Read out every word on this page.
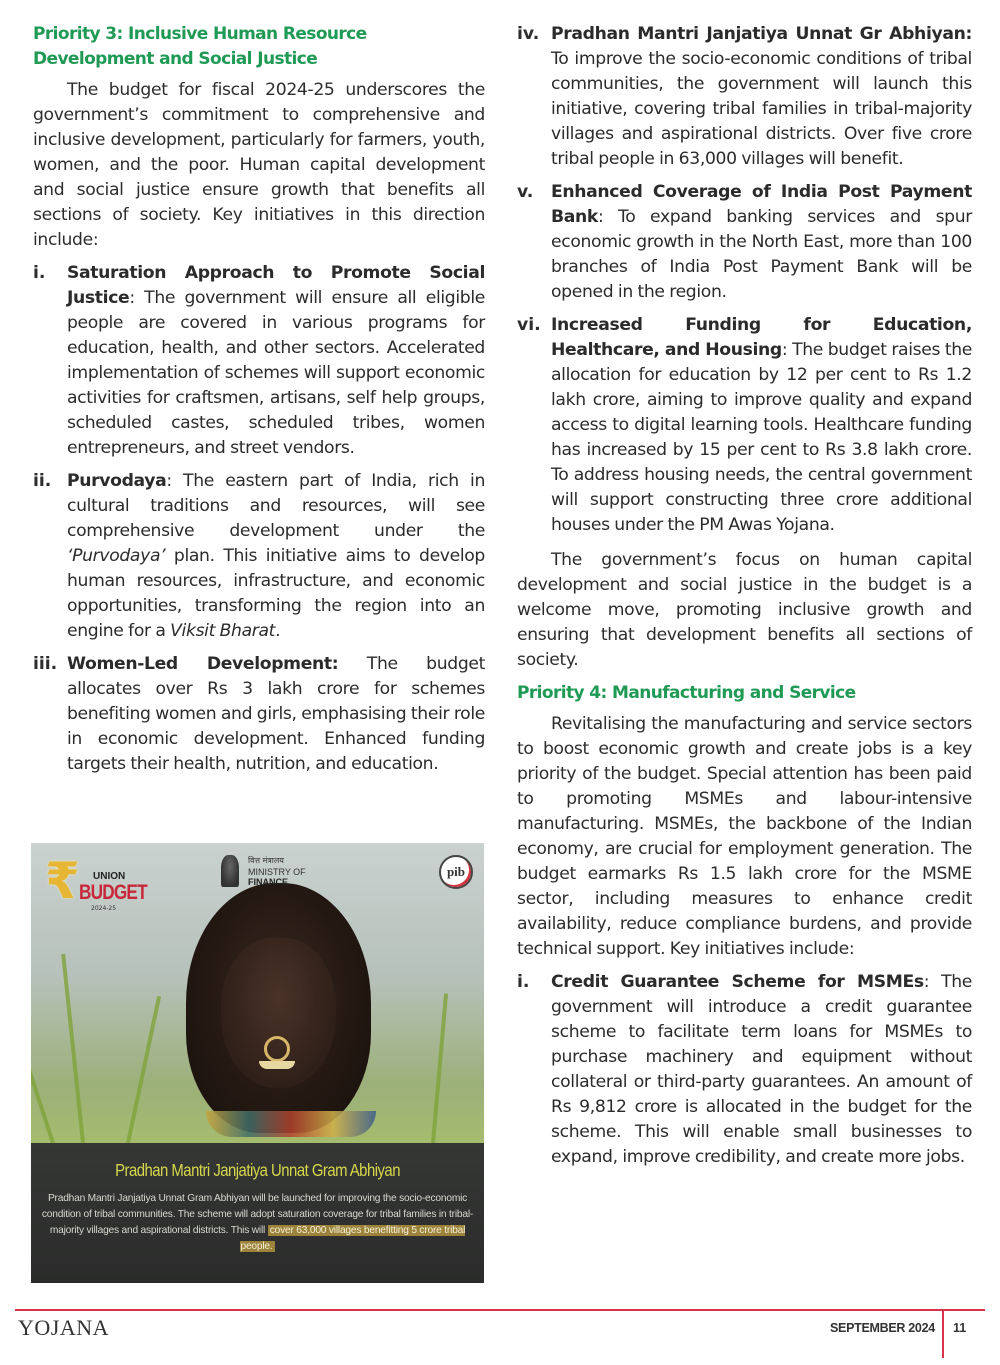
Priority 3: Inclusive Human Resource Development and Social Justice

The budget for fiscal 2024-25 underscores the government’s commitment to comprehensive and inclusive development, particularly for farmers, youth, women, and the poor. Human capital development and social justice ensure growth that benefits all sections of society. Key initiatives in this direction include:

i. Saturation Approach to Promote Social Justice: The government will ensure all eligible people are covered in various programs for education, health, and other sectors. Accelerated implementation of schemes will support economic activities for craftsmen, artisans, self help groups, scheduled castes, scheduled tribes, women entrepreneurs, and street vendors.

ii. Purvodaya: The eastern part of India, rich in cultural traditions and resources, will see comprehensive development under the ‘Purvodaya’ plan. This initiative aims to develop human resources, infrastructure, and economic opportunities, transforming the region into an engine for a Viksit Bharat.

iii. Women-Led Development: The budget allocates over Rs 3 lakh crore for schemes benefiting women and girls, emphasising their role in economic development. Enhanced funding targets their health, nutrition, and education.

₹ UNION
BUDGET
2024-25
वित्त मंत्रालय
MINISTRY OF
FINANCE
pib
Pradhan Mantri Janjatiya Unnat Gram Abhiyan

Pradhan Mantri Janjatiya Unnat Gram Abhiyan will be launched for improving the socio-economic condition of tribal communities. The scheme will adopt saturation coverage for tribal families in tribal-majority villages and aspirational districts. This will cover 63,000 villages benefitting 5 crore tribal people.

iv. Pradhan Mantri Janjatiya Unnat Gr Abhiyan: To improve the socio-economic conditions of tribal communities, the government will launch this initiative, covering tribal families in tribal-majority villages and aspirational districts. Over five crore tribal people in 63,000 villages will benefit.

v. Enhanced Coverage of India Post Payment Bank: To expand banking services and spur economic growth in the North East, more than 100 branches of India Post Payment Bank will be opened in the region.

vi. Increased Funding for Education, Healthcare, and Housing: The budget raises the allocation for education by 12 per cent to Rs 1.2 lakh crore, aiming to improve quality and expand access to digital learning tools. Healthcare funding has increased by 15 per cent to Rs 3.8 lakh crore. To address housing needs, the central government will support constructing three crore additional houses under the PM Awas Yojana.

The government’s focus on human capital development and social justice in the budget is a welcome move, promoting inclusive growth and ensuring that development benefits all sections of society.

Priority 4: Manufacturing and Service

Revitalising the manufacturing and service sectors to boost economic growth and create jobs is a key priority of the budget. Special attention has been paid to promoting MSMEs and labour-intensive manufacturing. MSMEs, the backbone of the Indian economy, are crucial for employment generation. The budget earmarks Rs 1.5 lakh crore for the MSME sector, including measures to enhance credit availability, reduce compliance burdens, and provide technical support. Key initiatives include:

i. Credit Guarantee Scheme for MSMEs: The government will introduce a credit guarantee scheme to facilitate term loans for MSMEs to purchase machinery and equipment without collateral or third-party guarantees. An amount of Rs 9,812 crore is allocated in the budget for the scheme. This will enable small businesses to expand, improve credibility, and create more jobs.

YOJANA	SEPTEMBER 2024 11
